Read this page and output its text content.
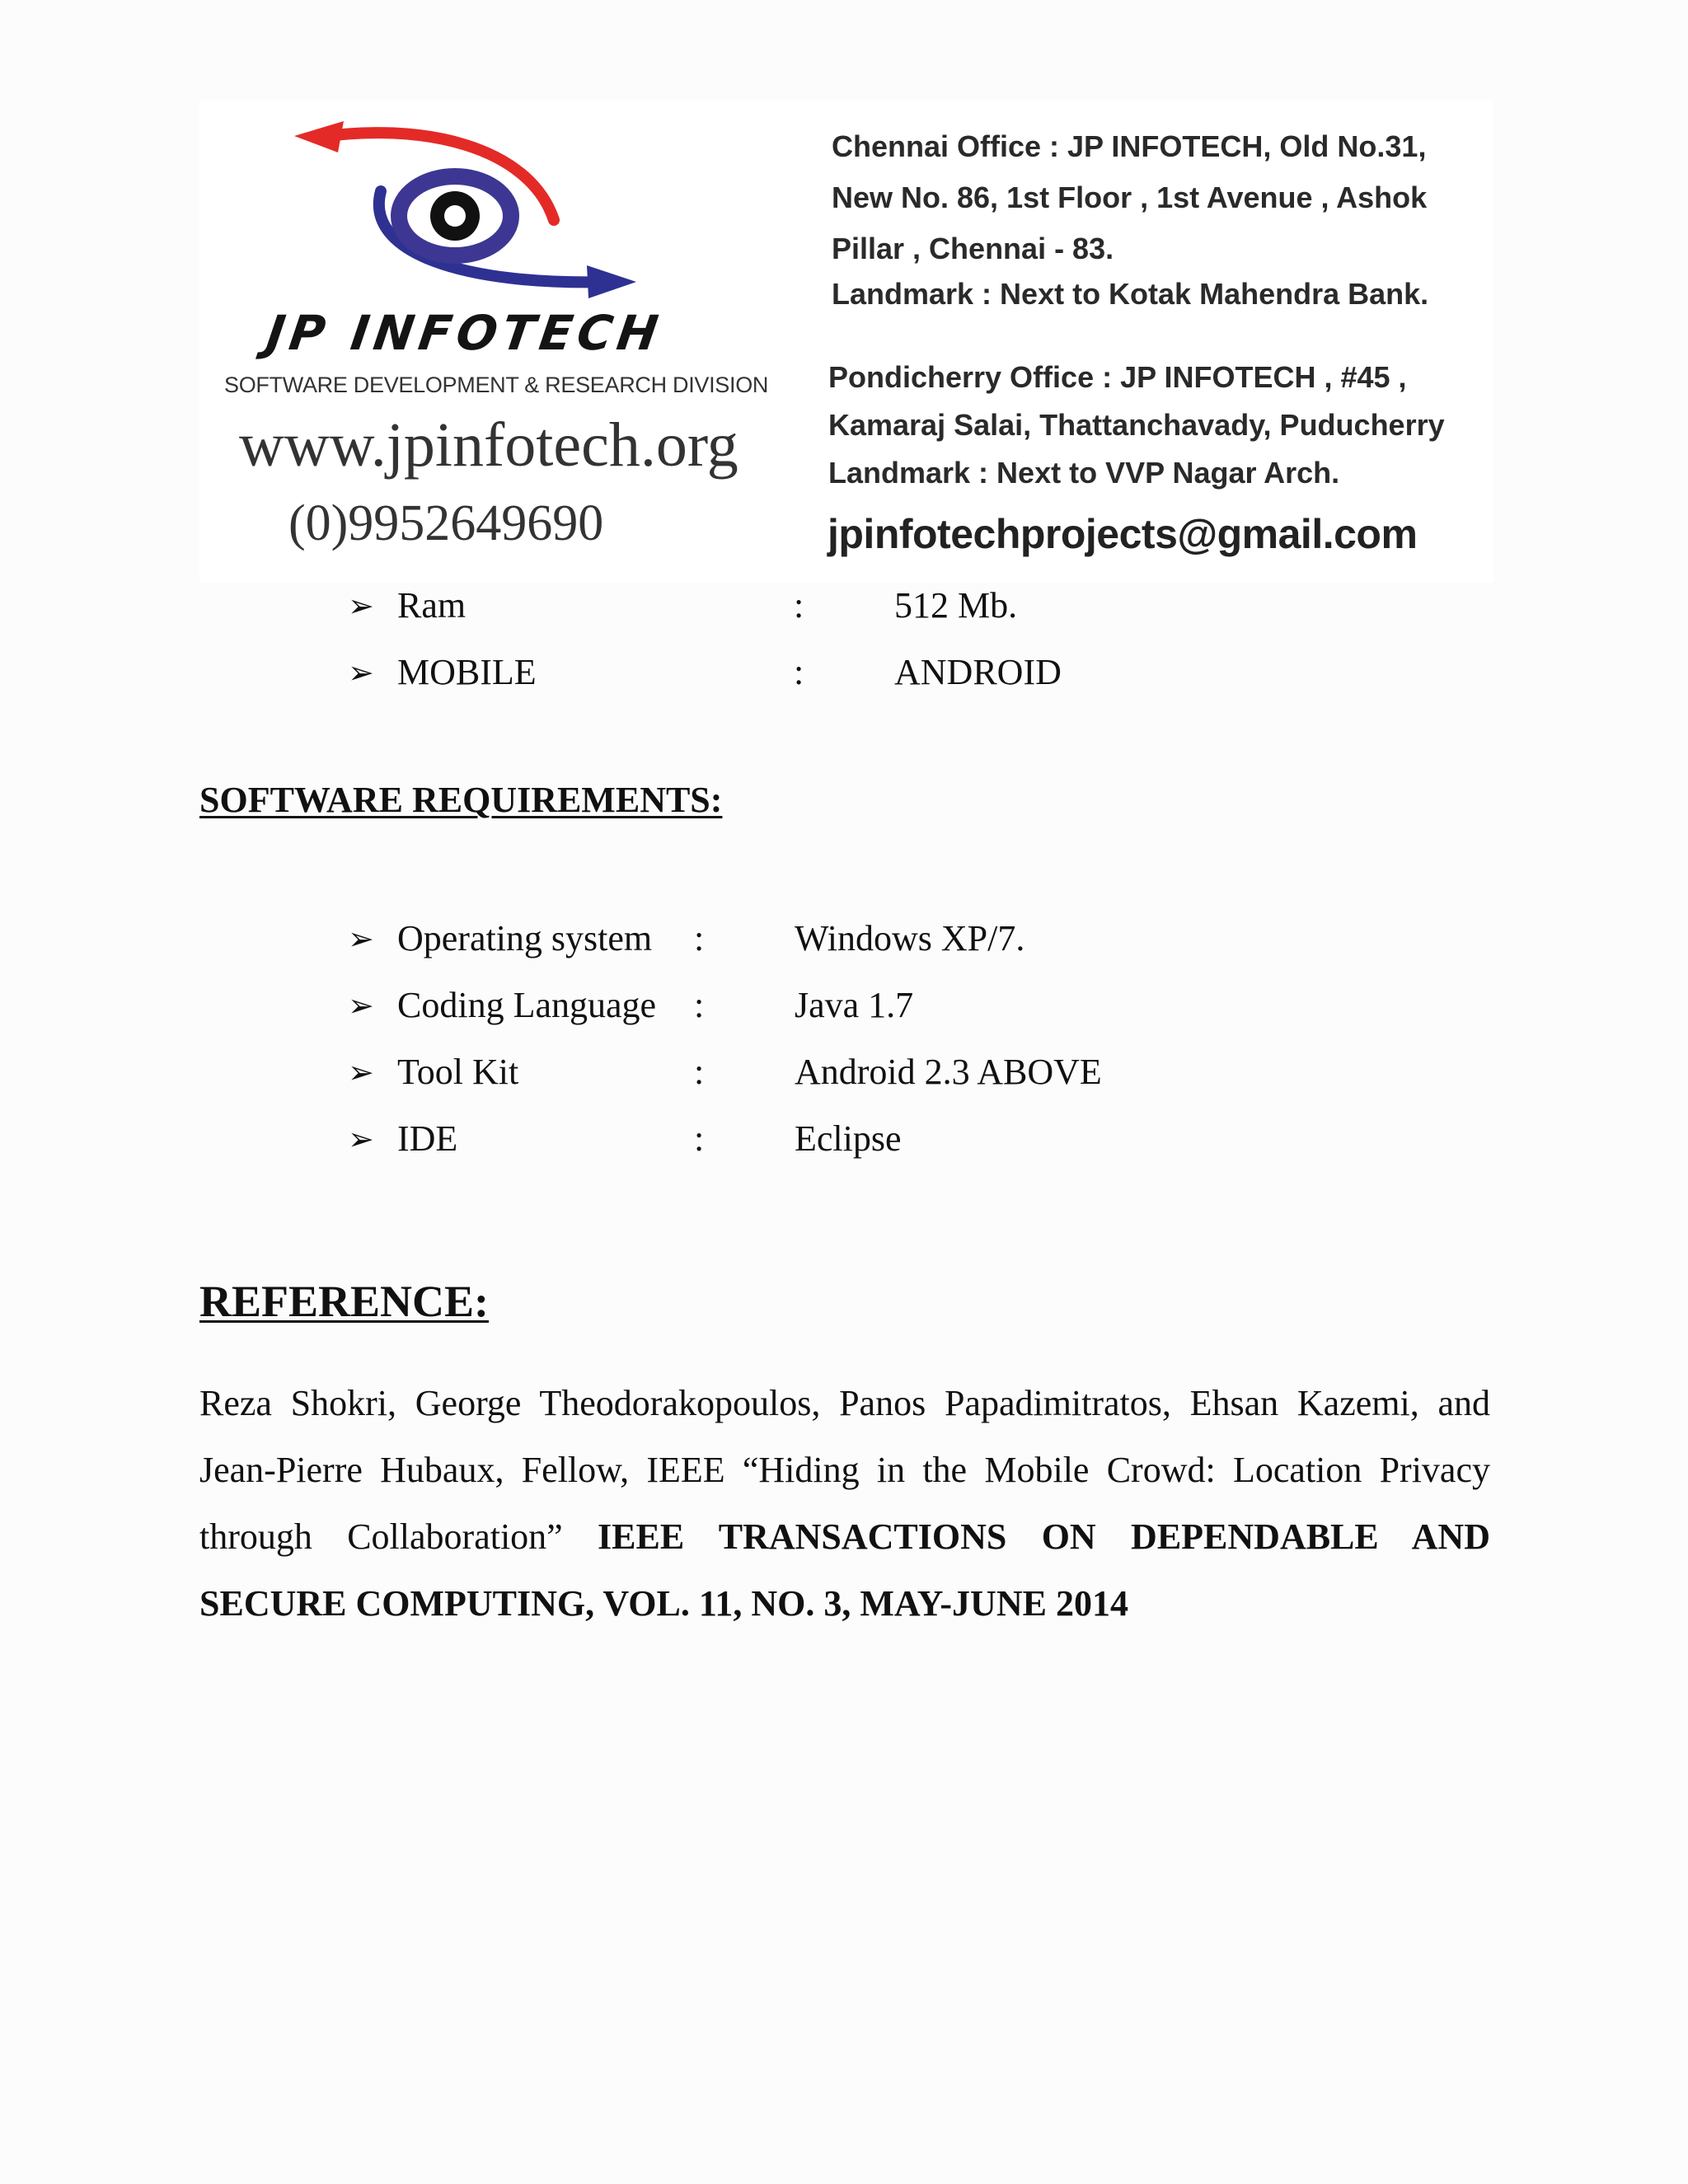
JP INFOTECH
SOFTWARE DEVELOPMENT & RESEARCH DIVISION
www.jpinfotech.org
(0)9952649690
Chennai Office : JP INFOTECH, Old No.31,
New No. 86, 1st Floor , 1st Avenue , Ashok
Pillar , Chennai - 83.
Landmark : Next to Kotak Mahendra Bank.
Pondicherry Office : JP INFOTECH , #45 ,
Kamaraj Salai, Thattanchavady, Puducherry
Landmark : Next to VVP Nagar Arch.
jpinfotechprojects@gmail.com
➢ Ram	: 512 Mb.
➢ MOBILE	: ANDROID
SOFTWARE REQUIREMENTS:
➢ Operating system : Windows XP/7.
➢ Coding Language : Java 1.7
➢ Tool Kit	: Android 2.3 ABOVE
➢ IDE	: Eclipse
REFERENCE:
Reza Shokri, George Theodorakopoulos, Panos Papadimitratos, Ehsan Kazemi, and Jean-Pierre Hubaux, Fellow, IEEE “Hiding in the Mobile Crowd: Location Privacy through Collaboration” IEEE TRANSACTIONS ON DEPENDABLE AND SECURE COMPUTING, VOL. 11, NO. 3, MAY-JUNE 2014
